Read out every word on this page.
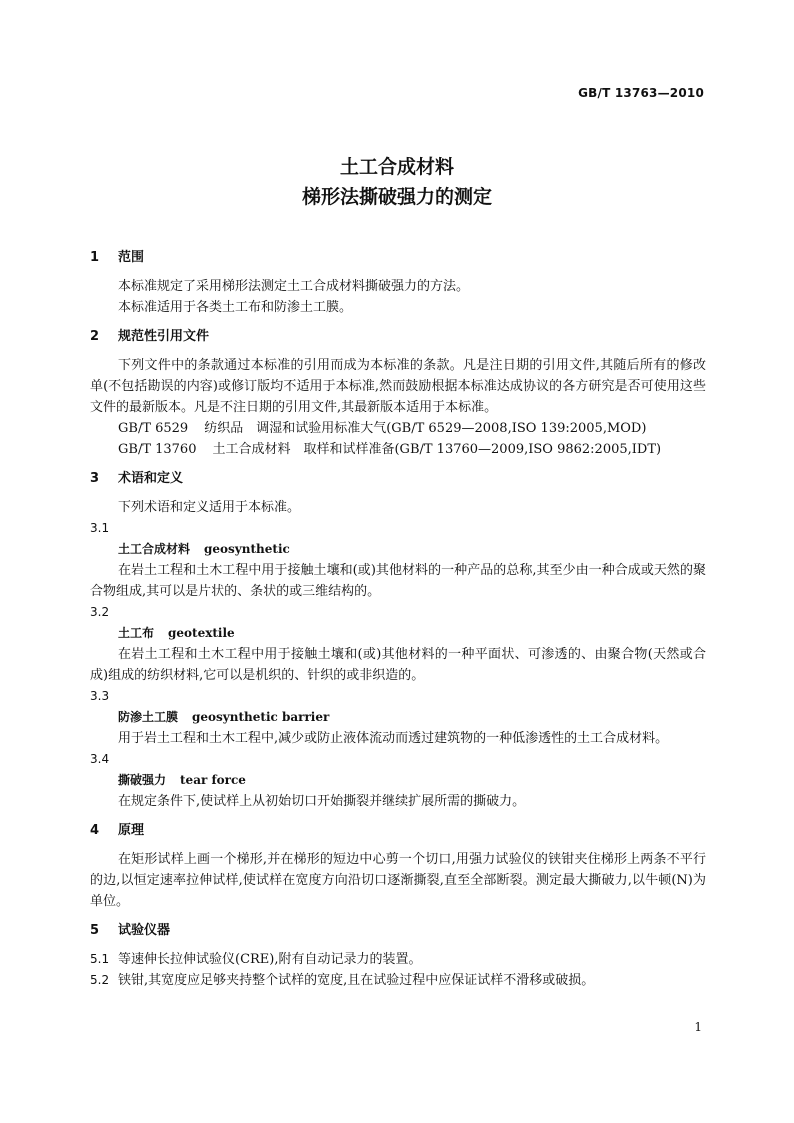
GB/T 13763—2010
土工合成材料
梯形法撕破强力的测定
1 范围

本标准规定了采用梯形法测定土工合成材料撕破强力的方法。

本标准适用于各类土工布和防渗土工膜。

2 规范性引用文件

下列文件中的条款通过本标准的引用而成为本标准的条款。凡是注日期的引用文件,其随后所有的修改单(不包括勘误的内容)或修订版均不适用于本标准,然而鼓励根据本标准达成协议的各方研究是否可使用这些文件的最新版本。凡是不注日期的引用文件,其最新版本适用于本标准。

GB/T 6529 纺织品　调湿和试验用标准大气(GB/T 6529—2008,ISO 139:2005,MOD)

GB/T 13760 土工合成材料　取样和试样准备(GB/T 13760—2009,ISO 9862:2005,IDT)

3 术语和定义

下列术语和定义适用于本标准。

3.1

土工合成材料 geosynthetic

在岩土工程和土木工程中用于接触土壤和(或)其他材料的一种产品的总称,其至少由一种合成或天然的聚合物组成,其可以是片状的、条状的或三维结构的。

3.2

土工布 geotextile

在岩土工程和土木工程中用于接触土壤和(或)其他材料的一种平面状、可渗透的、由聚合物(天然或合成)组成的纺织材料,它可以是机织的、针织的或非织造的。

3.3

防渗土工膜 geosynthetic barrier

用于岩土工程和土木工程中,减少或防止液体流动而透过建筑物的一种低渗透性的土工合成材料。

3.4

撕破强力 tear force

在规定条件下,使试样上从初始切口开始撕裂并继续扩展所需的撕破力。

4 原理

在矩形试样上画一个梯形,并在梯形的短边中心剪一个切口,用强力试验仪的铗钳夹住梯形上两条不平行的边,以恒定速率拉伸试样,使试样在宽度方向沿切口逐渐撕裂,直至全部断裂。测定最大撕破力,以牛顿(N)为单位。

5 试验仪器

5.1 等速伸长拉伸试验仪(CRE),附有自动记录力的装置。

5.2 铗钳,其宽度应足够夹持整个试样的宽度,且在试验过程中应保证试样不滑移或破损。

1
